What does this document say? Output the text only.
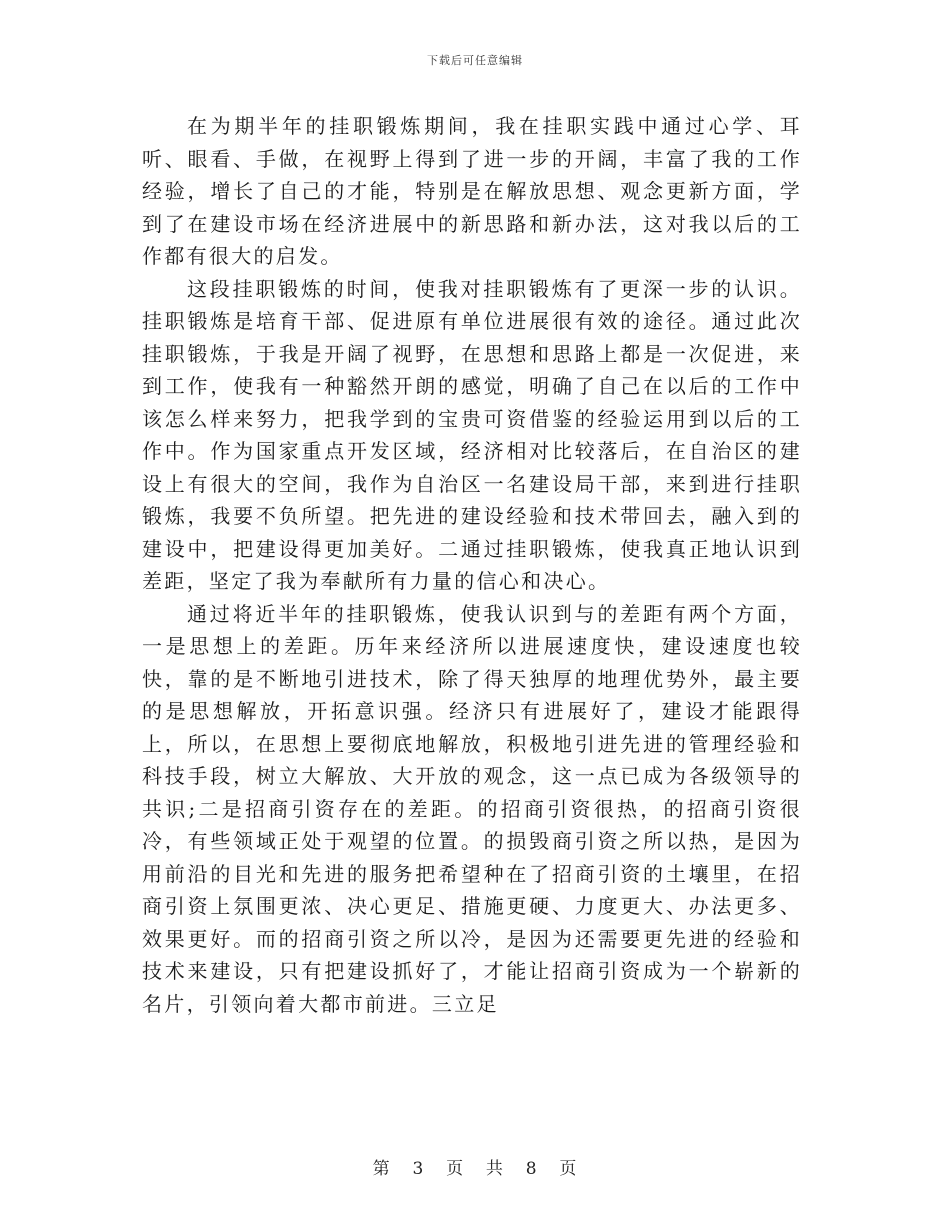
下载后可任意编辑

在为期半年的挂职锻炼期间，我在挂职实践中通过心学、耳听、眼看、手做，在视野上得到了进一步的开阔，丰富了我的工作经验，增长了自己的才能，特别是在解放思想、观念更新方面，学到了在建设市场在经济进展中的新思路和新办法，这对我以后的工作都有很大的启发。

这段挂职锻炼的时间，使我对挂职锻炼有了更深一步的认识。挂职锻炼是培育干部、促进原有单位进展很有效的途径。通过此次挂职锻炼，于我是开阔了视野，在思想和思路上都是一次促进，来到工作，使我有一种豁然开朗的感觉，明确了自己在以后的工作中该怎么样来努力，把我学到的宝贵可资借鉴的经验运用到以后的工作中。作为国家重点开发区域，经济相对比较落后，在自治区的建设上有很大的空间，我作为自治区一名建设局干部，来到进行挂职锻炼，我要不负所望。把先进的建设经验和技术带回去，融入到的建设中，把建设得更加美好。二通过挂职锻炼，使我真正地认识到差距，坚定了我为奉献所有力量的信心和决心。

通过将近半年的挂职锻炼，使我认识到与的差距有两个方面，一是思想上的差距。历年来经济所以进展速度快，建设速度也较快，靠的是不断地引进技术，除了得天独厚的地理优势外，最主要的是思想解放，开拓意识强。经济只有进展好了，建设才能跟得上，所以，在思想上要彻底地解放，积极地引进先进的管理经验和科技手段，树立大解放、大开放的观念，这一点已成为各级领导的共识;二是招商引资存在的差距。的招商引资很热，的招商引资很冷，有些领域正处于观望的位置。的损毁商引资之所以热，是因为用前沿的目光和先进的服务把希望种在了招商引资的土壤里，在招商引资上氛围更浓、决心更足、措施更硬、力度更大、办法更多、效果更好。而的招商引资之所以冷，是因为还需要更先进的经验和技术来建设，只有把建设抓好了，才能让招商引资成为一个崭新的名片，引领向着大都市前进。三立足

第 3 页 共 8 页
